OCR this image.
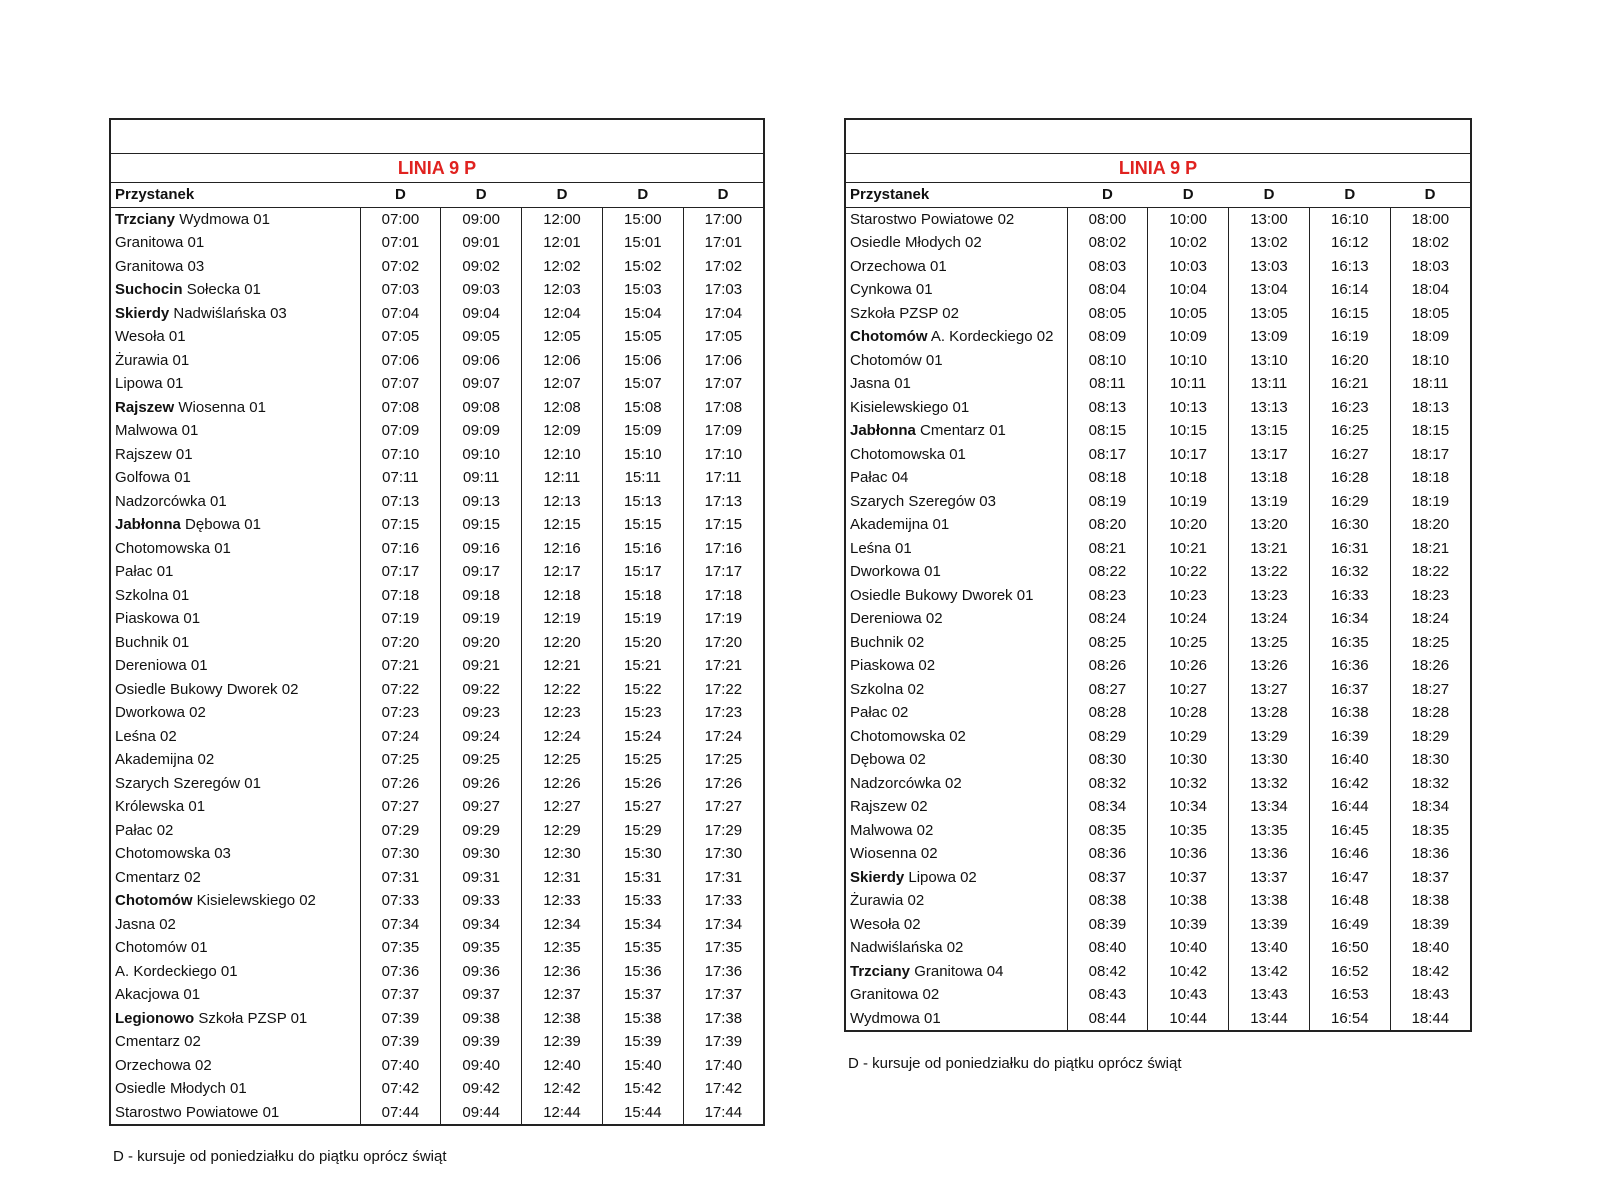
LINIA 9 P					
Przystanek	D	D	D	D	D
Trzciany Wydmowa 01	07:00	09:00	12:00	15:00	17:00
Granitowa 01	07:01	09:01	12:01	15:01	17:01
Granitowa 03	07:02	09:02	12:02	15:02	17:02
Suchocin Sołecka 01	07:03	09:03	12:03	15:03	17:03
Skierdy Nadwiślańska 03	07:04	09:04	12:04	15:04	17:04
Wesoła 01	07:05	09:05	12:05	15:05	17:05
Żurawia 01	07:06	09:06	12:06	15:06	17:06
Lipowa 01	07:07	09:07	12:07	15:07	17:07
Rajszew Wiosenna 01	07:08	09:08	12:08	15:08	17:08
Malwowa 01	07:09	09:09	12:09	15:09	17:09
Rajszew 01	07:10	09:10	12:10	15:10	17:10
Golfowa 01	07:11	09:11	12:11	15:11	17:11
Nadzorcówka 01	07:13	09:13	12:13	15:13	17:13
Jabłonna Dębowa 01	07:15	09:15	12:15	15:15	17:15
Chotomowska 01	07:16	09:16	12:16	15:16	17:16
Pałac 01	07:17	09:17	12:17	15:17	17:17
Szkolna 01	07:18	09:18	12:18	15:18	17:18
Piaskowa 01	07:19	09:19	12:19	15:19	17:19
Buchnik 01	07:20	09:20	12:20	15:20	17:20
Dereniowa 01	07:21	09:21	12:21	15:21	17:21
Osiedle Bukowy Dworek 02	07:22	09:22	12:22	15:22	17:22
Dworkowa 02	07:23	09:23	12:23	15:23	17:23
Leśna 02	07:24	09:24	12:24	15:24	17:24
Akademijna 02	07:25	09:25	12:25	15:25	17:25
Szarych Szeregów 01	07:26	09:26	12:26	15:26	17:26
Królewska 01	07:27	09:27	12:27	15:27	17:27
Pałac 02	07:29	09:29	12:29	15:29	17:29
Chotomowska 03	07:30	09:30	12:30	15:30	17:30
Cmentarz 02	07:31	09:31	12:31	15:31	17:31
Chotomów Kisielewskiego 02	07:33	09:33	12:33	15:33	17:33
Jasna 02	07:34	09:34	12:34	15:34	17:34
Chotomów 01	07:35	09:35	12:35	15:35	17:35
A. Kordeckiego 01	07:36	09:36	12:36	15:36	17:36
Akacjowa 01	07:37	09:37	12:37	15:37	17:37
Legionowo Szkoła PZSP 01	07:39	09:38	12:38	15:38	17:38
Cmentarz 02	07:39	09:39	12:39	15:39	17:39
Orzechowa 02	07:40	09:40	12:40	15:40	17:40
Osiedle Młodych 01	07:42	09:42	12:42	15:42	17:42
Starostwo Powiatowe 01	07:44	09:44	12:44	15:44	17:44
D - kursuje od poniedziałku do piątku oprócz świąt

LINIA 9 P					
Przystanek	D	D	D	D	D
Starostwo Powiatowe 02	08:00	10:00	13:00	16:10	18:00
Osiedle Młodych 02	08:02	10:02	13:02	16:12	18:02
Orzechowa 01	08:03	10:03	13:03	16:13	18:03
Cynkowa 01	08:04	10:04	13:04	16:14	18:04
Szkoła PZSP 02	08:05	10:05	13:05	16:15	18:05
Chotomów A. Kordeckiego 02	08:09	10:09	13:09	16:19	18:09
Chotomów 01	08:10	10:10	13:10	16:20	18:10
Jasna 01	08:11	10:11	13:11	16:21	18:11
Kisielewskiego 01	08:13	10:13	13:13	16:23	18:13
Jabłonna Cmentarz 01	08:15	10:15	13:15	16:25	18:15
Chotomowska 01	08:17	10:17	13:17	16:27	18:17
Pałac 04	08:18	10:18	13:18	16:28	18:18
Szarych Szeregów 03	08:19	10:19	13:19	16:29	18:19
Akademijna 01	08:20	10:20	13:20	16:30	18:20
Leśna 01	08:21	10:21	13:21	16:31	18:21
Dworkowa 01	08:22	10:22	13:22	16:32	18:22
Osiedle Bukowy Dworek 01	08:23	10:23	13:23	16:33	18:23
Dereniowa 02	08:24	10:24	13:24	16:34	18:24
Buchnik 02	08:25	10:25	13:25	16:35	18:25
Piaskowa 02	08:26	10:26	13:26	16:36	18:26
Szkolna 02	08:27	10:27	13:27	16:37	18:27
Pałac 02	08:28	10:28	13:28	16:38	18:28
Chotomowska 02	08:29	10:29	13:29	16:39	18:29
Dębowa 02	08:30	10:30	13:30	16:40	18:30
Nadzorcówka 02	08:32	10:32	13:32	16:42	18:32
Rajszew 02	08:34	10:34	13:34	16:44	18:34
Malwowa 02	08:35	10:35	13:35	16:45	18:35
Wiosenna 02	08:36	10:36	13:36	16:46	18:36
Skierdy Lipowa 02	08:37	10:37	13:37	16:47	18:37
Żurawia 02	08:38	10:38	13:38	16:48	18:38
Wesoła 02	08:39	10:39	13:39	16:49	18:39
Nadwiślańska 02	08:40	10:40	13:40	16:50	18:40
Trzciany Granitowa 04	08:42	10:42	13:42	16:52	18:42
Granitowa 02	08:43	10:43	13:43	16:53	18:43
Wydmowa 01	08:44	10:44	13:44	16:54	18:44
D - kursuje od poniedziałku do piątku oprócz świąt
